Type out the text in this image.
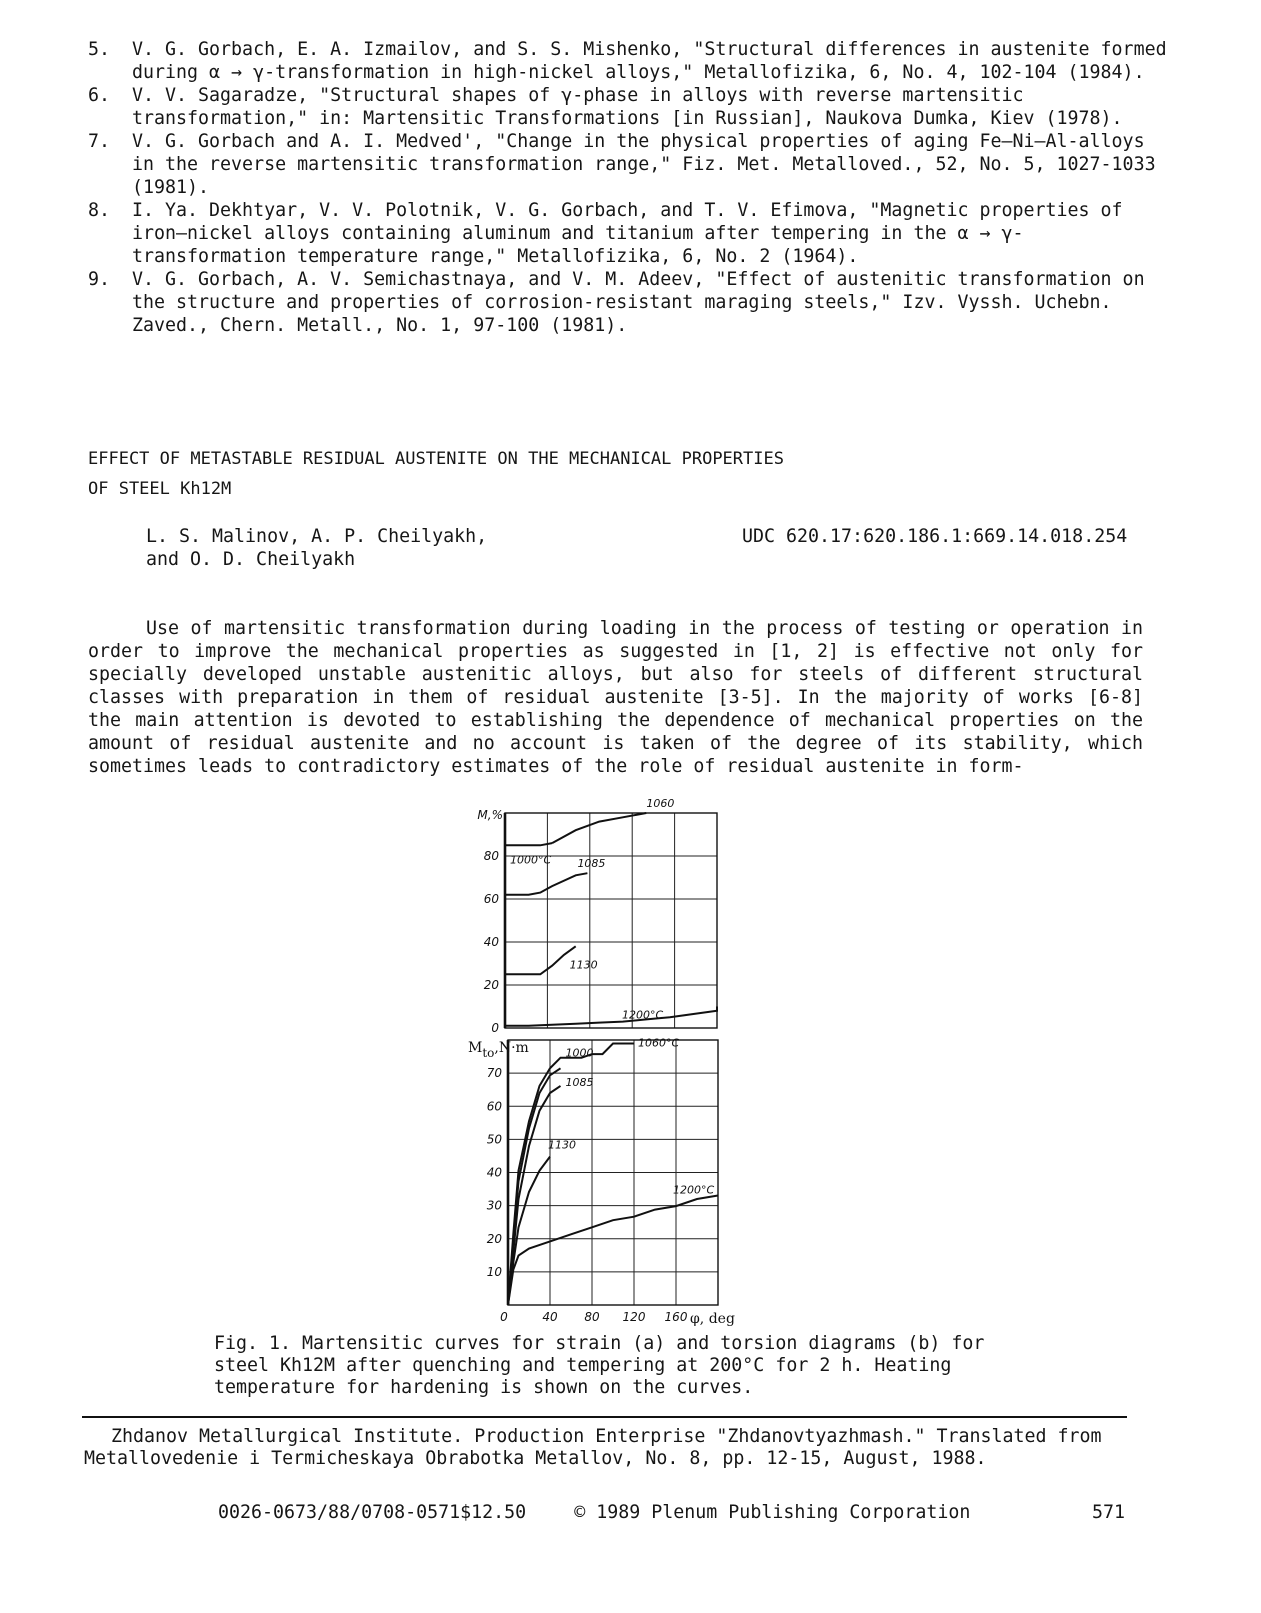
5.	V. G. Gorbach, E. A. Izmailov, and S. S. Mishenko, "Structural differences in austenite formed during α → γ-transformation in high-nickel alloys," Metallofizika, 6, No. 4, 102-104 (1984).
6.	V. V. Sagaradze, "Structural shapes of γ-phase in alloys with reverse martensitic transformation," in: Martensitic Transformations [in Russian], Naukova Dumka, Kiev (1978).
7.	V. G. Gorbach and A. I. Medved', "Change in the physical properties of aging Fe—Ni—Al-alloys in the reverse martensitic transformation range," Fiz. Met. Metalloved., 52, No. 5, 1027-1033 (1981).
8.	I. Ya. Dekhtyar, V. V. Polotnik, V. G. Gorbach, and T. V. Efimova, "Magnetic properties of iron—nickel alloys containing aluminum and titanium after tempering in the α → γ-transformation temperature range," Metallofizika, 6, No. 2 (1964).
9.	V. G. Gorbach, A. V. Semichastnaya, and V. M. Adeev, "Effect of austenitic transformation on the structure and properties of corrosion-resistant maraging steels," Izv. Vyssh. Uchebn. Zaved., Chern. Metall., No. 1, 97-100 (1981).
EFFECT OF METASTABLE RESIDUAL AUSTENITE ON THE MECHANICAL PROPERTIES
OF STEEL Kh12M
L. S. Malinov, A. P. Cheilyakh,
and O. D. Cheilyakh
UDC 620.17:620.186.1:669.14.018.254
Use of martensitic transformation during loading in the process of testing or operation in order to improve the mechanical properties as suggested in [1, 2] is effective not only for specially developed unstable austenitic alloys, but also for steels of different structural classes with preparation in them of residual austenite [3-5]. In the majority of works [6-8] the main attention is devoted to establishing the dependence of mechanical properties on the amount of residual austenite and no account is taken of the degree of its stability, which sometimes leads to contradictory estimates of the role of residual austenite in form-
80
60
40
20
0
M,%
1000°C
1060
1085
1130
1200°C
70
60
50
40
30
20
10
Mto,N·m
0	40 80 120 160 φ, deg
1060°C
1000
1085
1130
1200°C
Fig. 1. Martensitic curves for strain (a) and torsion diagrams (b) for steel Kh12M after quenching and tempering at 200°C for 2 h. Heating temperature for hardening is shown on the curves.
Zhdanov Metallurgical Institute. Production Enterprise "Zhdanovtyazhmash." Translated from Metallovedenie i Termicheskaya Obrabotka Metallov, No. 8, pp. 12-15, August, 1988.
0026-0673/88/0708-0571$12.50	© 1989 Plenum Publishing Corporation	571
